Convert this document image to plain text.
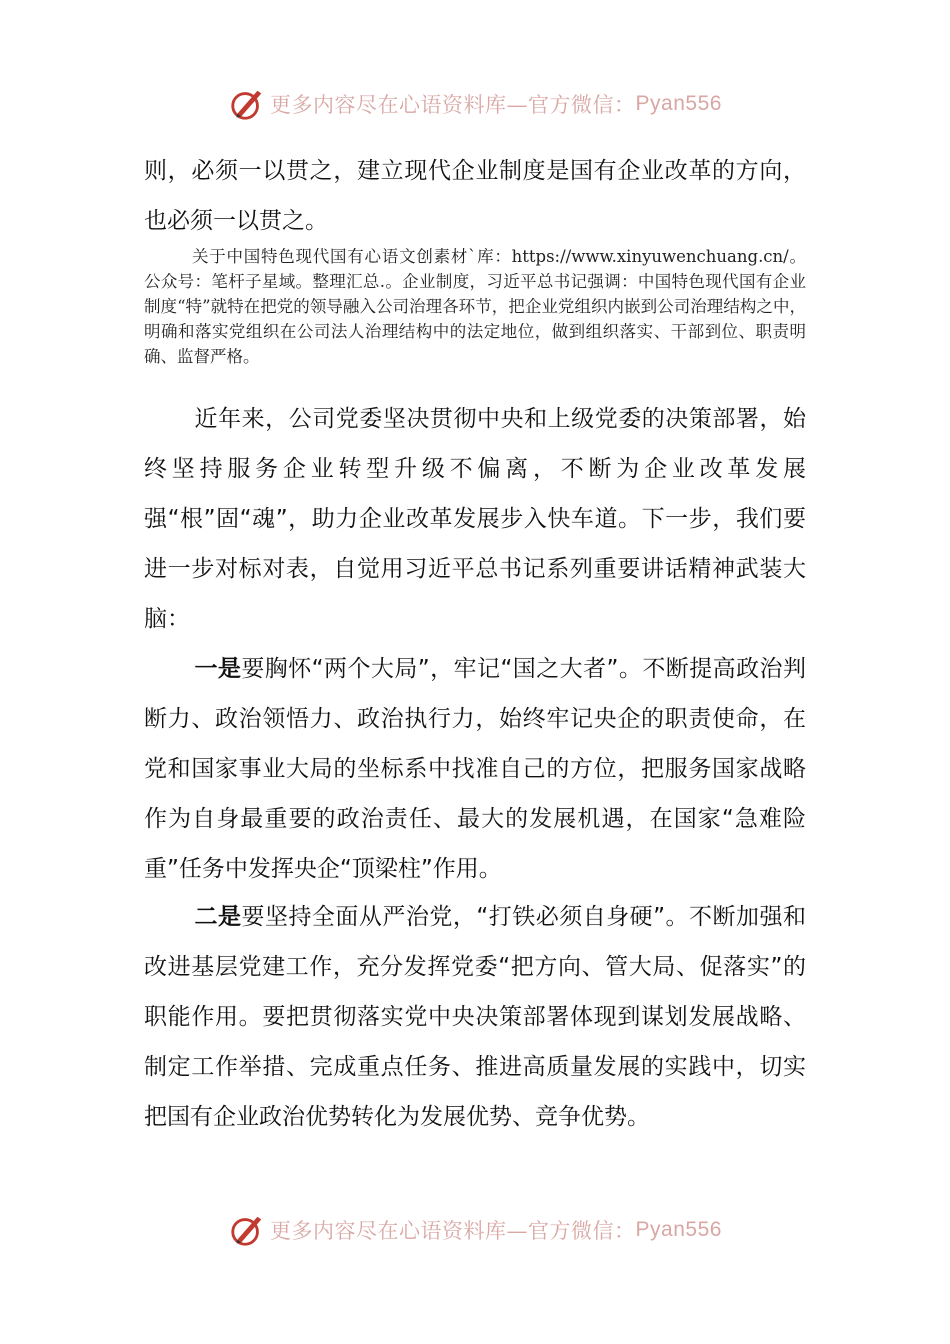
更多内容尽在心语资料库—官方微信： Pyan556
则，必须一以贯之，建立现代企业制度是国有企业改革的方向，也必须一以贯之。
关于中国特色现代国有心语文创素材`库：https://www.xinyuwenchuang.cn/。公众号：笔杆子星域。整理汇总.。企业制度，习近平总书记强调：中国特色现代国有企业制度“特”就特在把党的领导融入公司治理各环节，把企业党组织内嵌到公司治理结构之中，明确和落实党组织在公司法人治理结构中的法定地位，做到组织落实、干部到位、职责明确、监督严格。
近年来，公司党委坚决贯彻中央和上级党委的决策部署，始终坚持服务企业转型升级不偏离，不断为企业改革发展强“根”固“魂”，助力企业改革发展步入快车道。下一步，我们要进一步对标对表，自觉用习近平总书记系列重要讲话精神武装大脑：
一是要胸怀“两个大局”，牢记“国之大者”。不断提高政治判断力、政治领悟力、政治执行力，始终牢记央企的职责使命，在党和国家事业大局的坐标系中找准自己的方位，把服务国家战略作为自身最重要的政治责任、最大的发展机遇，在国家“急难险重”任务中发挥央企“顶梁柱”作用。
二是要坚持全面从严治党，“打铁必须自身硬”。不断加强和改进基层党建工作，充分发挥党委“把方向、管大局、促落实”的职能作用。要把贯彻落实党中央决策部署体现到谋划发展战略、制定工作举措、完成重点任务、推进高质量发展的实践中，切实把国有企业政治优势转化为发展优势、竞争优势。
更多内容尽在心语资料库—官方微信： Pyan556
